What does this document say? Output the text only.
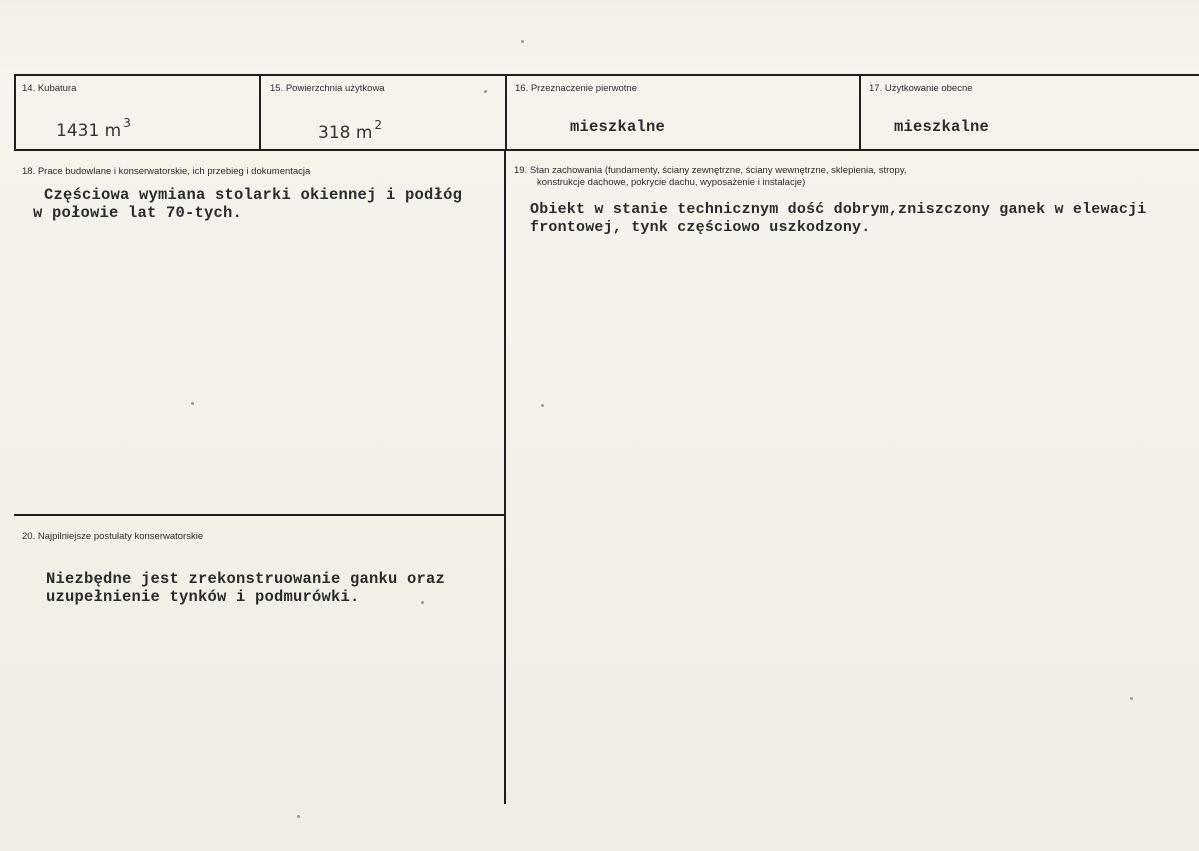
14. Kubatura
1431 m $^3$
15. Powierzchnia użytkowa
318 m $^2$
16. Przeznaczenie pierwotne
mieszkalne
17. Użytkowanie obecne
mieszkalne
18. Prace budowlane i konserwatorskie, ich przebieg i dokumentacja
Częściowa wymiana stolarki okiennej i podłóg
w połowie lat 70-tych.
19. Stan zachowania (fundamenty, ściany zewnętrzne, ściany wewnętrzne, sklepienia, stropy,
konstrukcje dachowe, pokrycie dachu, wyposażenie i instalacje)
Obiekt w stanie technicznym dość dobrym,zniszczony ganek w elewacji
frontowej, tynk częściowo uszkodzony.
20. Najpilniejsze postulaty konserwatorskie
Niezbędne jest zrekonstruowanie ganku oraz
uzupełnienie tynków i podmurówki.
